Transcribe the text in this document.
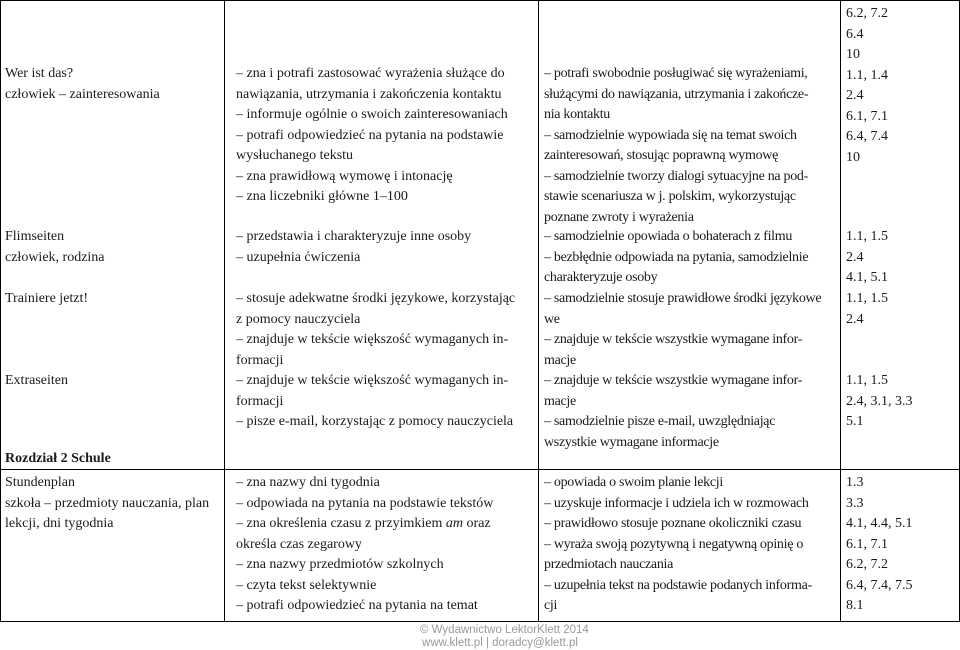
Wer ist das?
człowiek – zainteresowania
– zna i potrafi zastosować wyrażenia służące do
nawiązania, utrzymania i zakończenia kontaktu
– informuje ogólnie o swoich zainteresowaniach
– potrafi odpowiedzieć na pytania na podstawie
wysłuchanego tekstu
– zna prawidłową wymowę i intonację
– zna liczebniki główne 1–100
– potrafi swobodnie posługiwać się wyrażeniami,
służącymi do nawiązania, utrzymania i zakończe-
nia kontaktu
– samodzielnie wypowiada się na temat swoich
zainteresowań, stosując poprawną wymowę
– samodzielnie tworzy dialogi sytuacyjne na pod-
stawie scenariusza w j. polskim, wykorzystując
poznane zwroty i wyrażenia
6.2, 7.2
6.4
10
1.1, 1.4
2.4
6.1, 7.1
6.4, 7.4
10
Flimseiten
człowiek, rodzina
– przedstawia i charakteryzuje inne osoby
– uzupełnia ćwiczenia
– samodzielnie opowiada o bohaterach z filmu
– bezbłędnie odpowiada na pytania, samodzielnie
charakteryzuje osoby
1.1, 1.5
2.4
4.1, 5.1
Trainiere jetzt!	– stosuje adekwatne środki językowe, korzystając
z pomocy nauczyciela
– znajduje w tekście większość wymaganych in-
formacji
– samodzielnie stosuje prawidłowe środki językowe
we
– znajduje w tekście wszystkie wymagane infor-
macje
1.1, 1.5
2.4
Extraseiten	– znajduje w tekście większość wymaganych in-
formacji
– pisze e-mail, korzystając z pomocy nauczyciela
– znajduje w tekście wszystkie wymagane infor-
macje
– samodzielnie pisze e-mail, uwzględniając
wszystkie wymagane informacje
1.1, 1.5
2.4, 3.1, 3.3
5.1
Rozdział 2 Schule
Stundenplan
szkoła – przedmioty nauczania, plan
lekcji, dni tygodnia
– zna nazwy dni tygodnia
– odpowiada na pytania na podstawie tekstów
– zna określenia czasu z przyimkiem am oraz
określa czas zegarowy
– zna nazwy przedmiotów szkolnych
– czyta tekst selektywnie
– potrafi odpowiedzieć na pytania na temat
– opowiada o swoim planie lekcji
– uzyskuje informacje i udziela ich w rozmowach
– prawidłowo stosuje poznane okoliczniki czasu
– wyraża swoją pozytywną i negatywną opinię o
przedmiotach nauczania
– uzupełnia tekst na podstawie podanych informa-
cji
1.3
3.3
4.1, 4.4, 5.1
6.1, 7.1
6.2, 7.2
6.4, 7.4, 7.5
8.1
© Wydawnictwo LektorKlett 2014
www.klett.pl | doradcy@klett.pl
